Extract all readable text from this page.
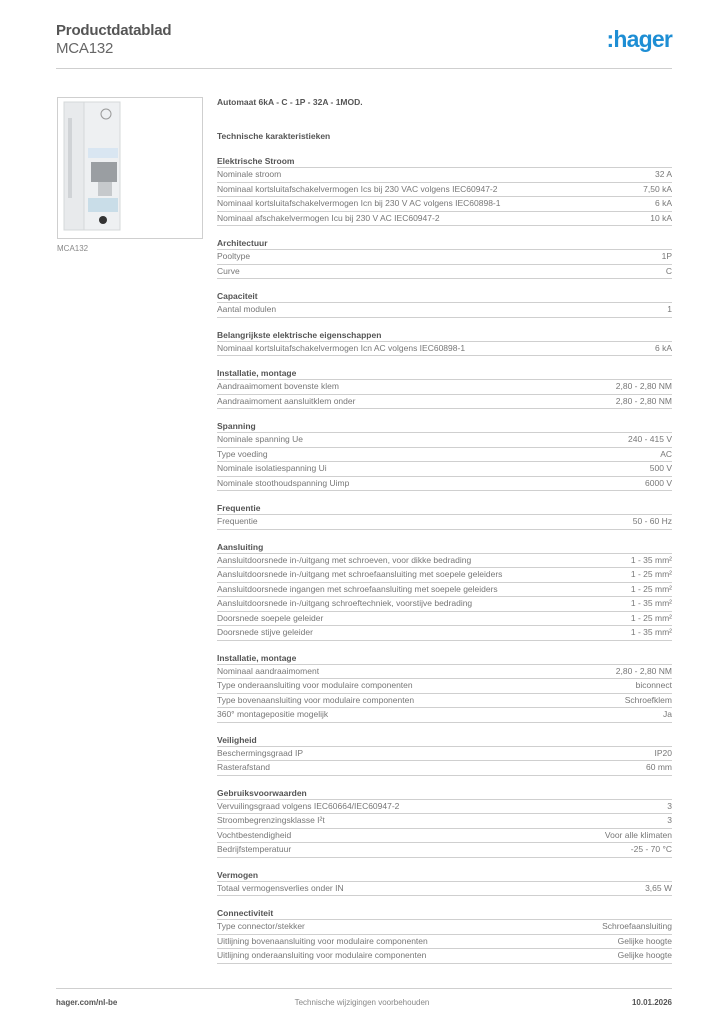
Productdatablad
MCA132	:hager
MCA132
Automaat 6kA - C - 1P - 32A - 1MOD.
Technische karakteristieken
Elektrische Stroom
Nominale stroom	32 A
Nominaal kortsluitafschakelvermogen Ics bij 230 VAC volgens IEC60947-2	7,50 kA
Nominaal kortsluitafschakelvermogen Icn bij 230 V AC volgens IEC60898-1	6 kA
Nominaal afschakelvermogen Icu bij 230 V AC IEC60947-2	10 kA
Architectuur
Pooltype	1P
Curve	C
Capaciteit
Aantal modulen	1
Belangrijkste elektrische eigenschappen
Nominaal kortsluitafschakelvermogen Icn AC volgens IEC60898-1	6 kA
Installatie, montage
Aandraaimoment bovenste klem	2,80 - 2,80 NM
Aandraaimoment aansluitklem onder	2,80 - 2,80 NM
Spanning
Nominale spanning Ue	240 - 415 V
Type voeding	AC
Nominale isolatiespanning Ui	500 V
Nominale stoothoudspanning Uimp	6000 V
Frequentie
Frequentie	50 - 60 Hz
Aansluiting
Aansluitdoorsnede in-/uitgang met schroeven, voor dikke bedrading	1 - 35 mm²
Aansluitdoorsnede in-/uitgang met schroefaansluiting met soepele geleiders	1 - 25 mm²
Aansluitdoorsnede ingangen met schroefaansluiting met soepele geleiders	1 - 25 mm²
Aansluitdoorsnede in-/uitgang schroeftechniek, voorstijve bedrading	1 - 35 mm²
Doorsnede soepele geleider	1 - 25 mm²
Doorsnede stijve geleider	1 - 35 mm²
Installatie, montage
Nominaal aandraaimoment	2,80 - 2,80 NM
Type onderaansluiting voor modulaire componenten	biconnect
Type bovenaansluiting voor modulaire componenten	Schroefklem
360° montagepositie mogelijk	Ja
Veiligheid
Beschermingsgraad IP	IP20
Rasterafstand	60 mm
Gebruiksvoorwaarden
Vervuilingsgraad volgens IEC60664/IEC60947-2	3
Stroombegrenzingsklasse I²t	3
Vochtbestendigheid	Voor alle klimaten
Bedrijfstemperatuur	-25 - 70 °C
Vermogen
Totaal vermogensverlies onder IN	3,65 W
Connectiviteit
Type connector/stekker	Schroefaansluiting
Uitlijning bovenaansluiting voor modulaire componenten	Gelijke hoogte
Uitlijning onderaansluiting voor modulaire componenten	Gelijke hoogte
hager.com/nl-be	Technische wijzigingen voorbehouden	10.01.2026
